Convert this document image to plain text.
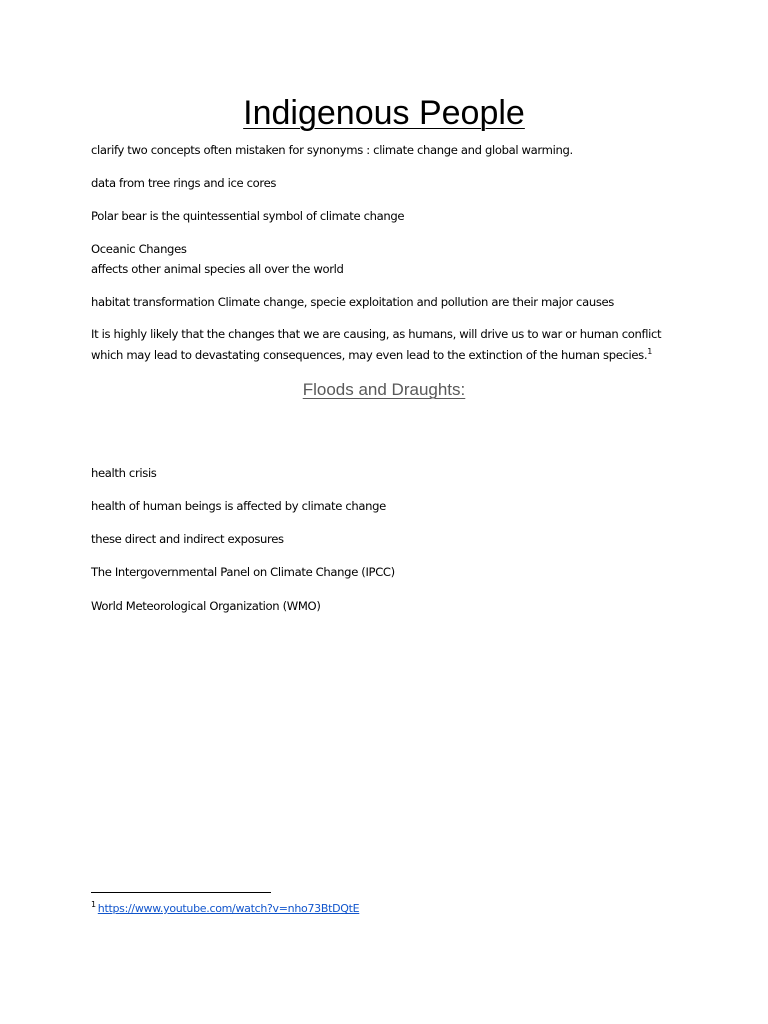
Indigenous People

clarify two concepts often mistaken for synonyms : climate change and global warming.

data from tree rings and ice cores

Polar bear is the quintessential symbol of climate change

Oceanic Changes

affects other animal species all over the world

habitat transformation Climate change, specie exploitation and pollution are their major causes

It is highly likely that the changes that we are causing, as humans, will drive us to war or human conflict

which may lead to devastating consequences, may even lead to the extinction of the human species.$^1$

Floods and Draughts:

health crisis

health of human beings is affected by climate change

these direct and indirect exposures

The Intergovernmental Panel on Climate Change (IPCC)

World Meteorological Organization (WMO)

$^1$ https://www.youtube.com/watch?v=nho73BtDQtE
